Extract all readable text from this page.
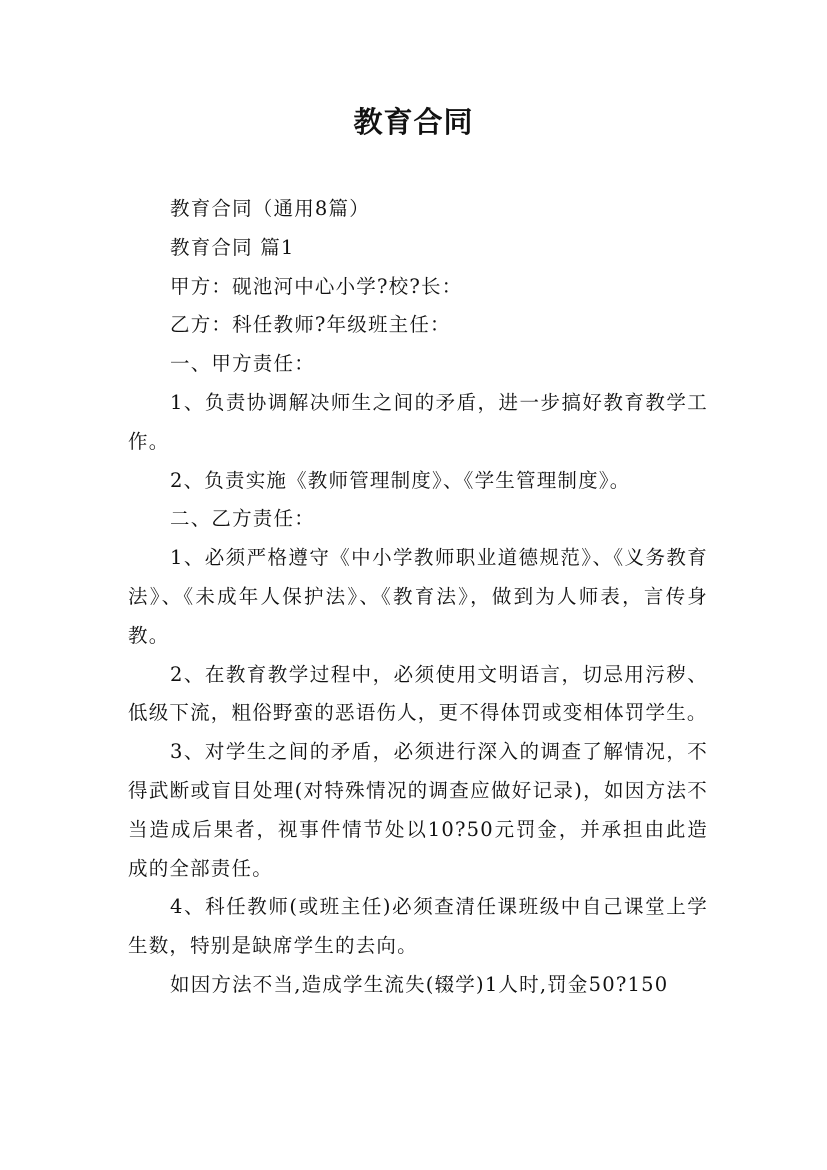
教育合同

教育合同（通用8篇）

教育合同 篇1

甲方：砚池河中心小学?校?长：

乙方：科任教师?年级班主任：

一、甲方责任：

1、负责协调解决师生之间的矛盾，进一步搞好教育教学工作。

2、负责实施《教师管理制度》、《学生管理制度》。

二、乙方责任：

1、必须严格遵守《中小学教师职业道德规范》、《义务教育法》、《未成年人保护法》、《教育法》，做到为人师表，言传身教。

2、在教育教学过程中，必须使用文明语言，切忌用污秽、低级下流，粗俗野蛮的恶语伤人，更不得体罚或变相体罚学生。

3、对学生之间的矛盾，必须进行深入的调查了解情况，不得武断或盲目处理(对特殊情况的调查应做好记录)，如因方法不当造成后果者，视事件情节处以10?50元罚金，并承担由此造成的全部责任。

4、科任教师(或班主任)必须查清任课班级中自己课堂上学生数，特别是缺席学生的去向。

如因方法不当,造成学生流失(辍学)1人时,罚金50?150
